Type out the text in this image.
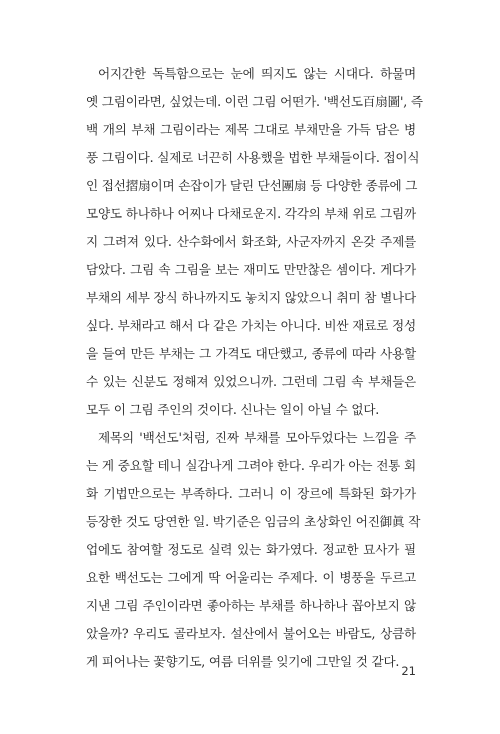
어지간한 독특함으로는 눈에 띄지도 않는 시대다. 하물며
옛 그림이라면, 싶었는데. 이런 그림 어떤가. '백선도百扇圖', 즉
백 개의 부채 그림이라는 제목 그대로 부채만을 가득 담은 병
풍 그림이다. 실제로 너끈히 사용했을 법한 부채들이다. 접이식
인 접선摺扇이며 손잡이가 달린 단선團扇 등 다양한 종류에 그
모양도 하나하나 어찌나 다채로운지. 각각의 부채 위로 그림까
지 그려져 있다. 산수화에서 화조화, 사군자까지 온갖 주제를
담았다. 그림 속 그림을 보는 재미도 만만찮은 셈이다. 게다가
부채의 세부 장식 하나까지도 놓치지 않았으니 취미 참 별나다
싶다. 부채라고 해서 다 같은 가치는 아니다. 비싼 재료로 정성
을 들여 만든 부채는 그 가격도 대단했고, 종류에 따라 사용할
수 있는 신분도 정해져 있었으니까. 그런데 그림 속 부채들은
모두 이 그림 주인의 것이다. 신나는 일이 아닐 수 없다.

제목의 '백선도'처럼, 진짜 부채를 모아두었다는 느낌을 주
는 게 중요할 테니 실감나게 그려야 한다. 우리가 아는 전통 회
화 기법만으로는 부족하다. 그러니 이 장르에 특화된 화가가
등장한 것도 당연한 일. 박기준은 임금의 초상화인 어진御眞 작
업에도 참여할 정도로 실력 있는 화가였다. 정교한 묘사가 필
요한 백선도는 그에게 딱 어울리는 주제다. 이 병풍을 두르고
지낸 그림 주인이라면 좋아하는 부채를 하나하나 꼽아보지 않
았을까? 우리도 골라보자. 설산에서 불어오는 바람도, 상큼하
게 피어나는 꽃향기도, 여름 더위를 잊기에 그만일 것 같다.

21
